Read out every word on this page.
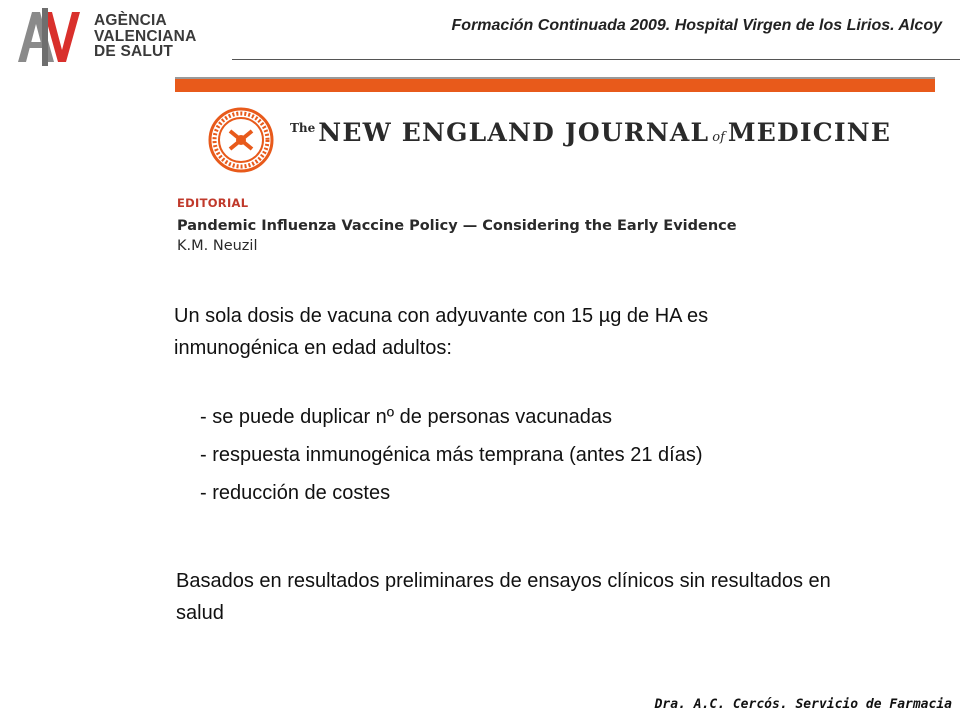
AGÈNCIA
VALENCIANA
DE SALUT
Formación Continuada 2009. Hospital Virgen de los Lirios. Alcoy
$^{The}$ NEW ENGLAND JOURNAL of MEDICINE
EDITORIAL
Pandemic Influenza Vaccine Policy — Considering the Early Evidence
K.M. Neuzil
Un sola dosis de vacuna con adyuvante con 15 µg de HA es inmunogénica en edad adultos:
- se puede duplicar nº de personas vacunadas
- respuesta inmunogénica más temprana (antes 21 días)
- reducción de costes
Basados en resultados preliminares de ensayos clínicos sin resultados en salud
Dra. A.C. Cercós. Servicio de Farmacia
